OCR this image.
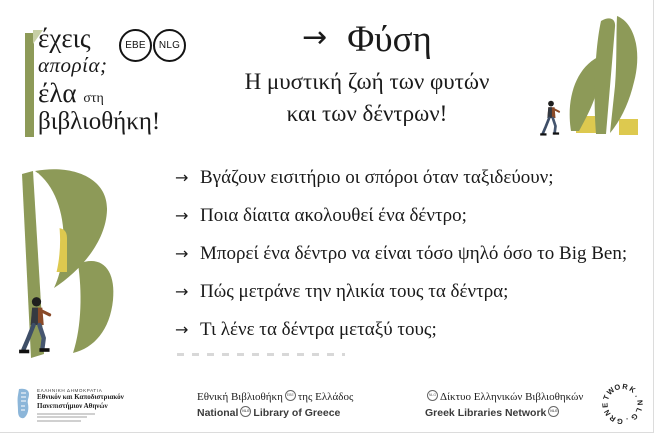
έχεις
απορία;
έλα στη
βιβλιοθήκη!
EBE	NLG	→ Φύση
Η μυστική ζωή των φυτών
και των δέντρων!
→ Βγάζουν εισιτήριο οι σπόροι όταν ταξιδεύουν;
→ Ποια δίαιτα ακολουθεί ένα δέντρο;
→ Μπορεί ένα δέντρο να είναι τόσο ψηλό όσο το Big Ben;
→ Πώς μετράνε την ηλικία τους τα δέντρα;
→ Τι λένε τα δέντρα μεταξύ τους;
ΕΛΛΗΝΙΚΗ ΔΗΜΟΚΡΑΤΙΑ
Εθνικόν και Καποδιστριακόν
Πανεπιστήμιον Αθηνών
Εθνική Βιβλιοθήκη ΕΒΕ της Ελλάδος
National NLG Library of Greece
NLG Δίκτυο Ελληνικών Βιβλιοθηκών
Greek Libraries Network NLG	N
E
T
W
O R K
.
N
L
G
.
G
R
